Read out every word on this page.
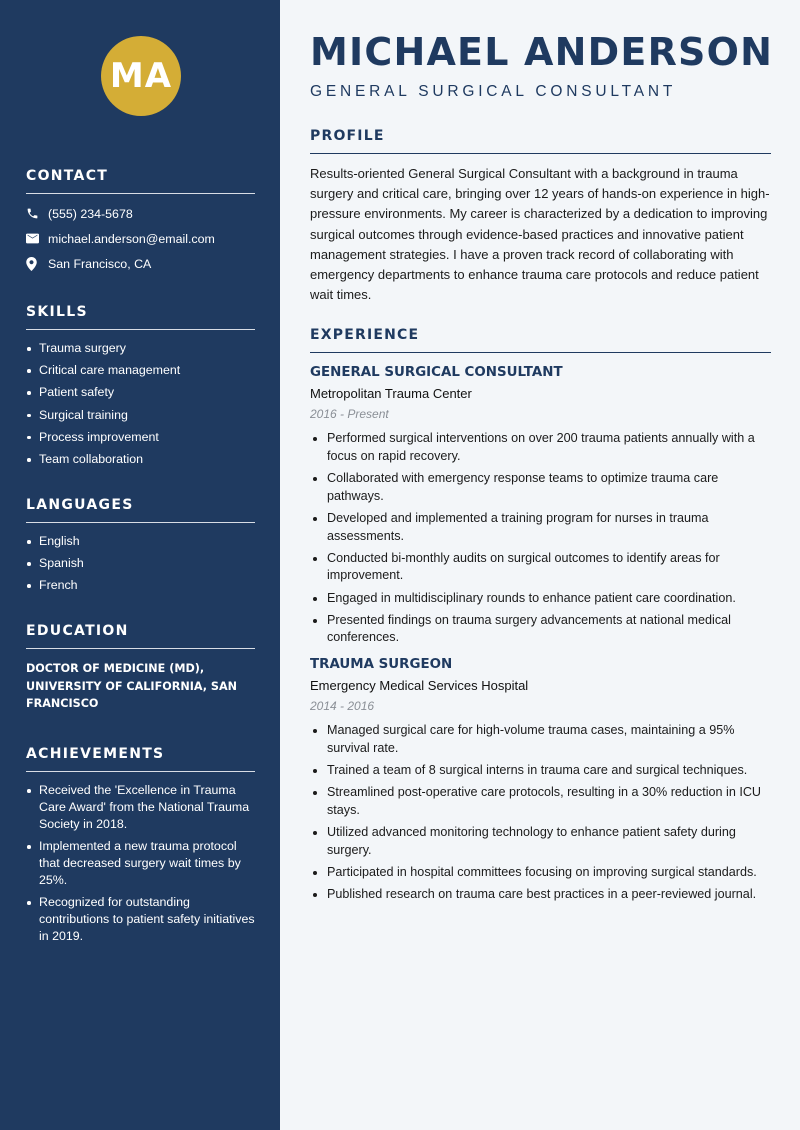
MA
CONTACT
(555) 234-5678
michael.anderson@email.com
San Francisco, CA
SKILLS
Trauma surgery
Critical care management
Patient safety
Surgical training
Process improvement
Team collaboration
LANGUAGES
English
Spanish
French
EDUCATION
DOCTOR OF MEDICINE (MD), UNIVERSITY OF CALIFORNIA, SAN FRANCISCO
ACHIEVEMENTS
Received the 'Excellence in Trauma Care Award' from the National Trauma Society in 2018.
Implemented a new trauma protocol that decreased surgery wait times by 25%.
Recognized for outstanding contributions to patient safety initiatives in 2019.
MICHAEL ANDERSON
GENERAL SURGICAL CONSULTANT
PROFILE

Results-oriented General Surgical Consultant with a background in trauma surgery and critical care, bringing over 12 years of hands-on experience in high-pressure environments. My career is characterized by a dedication to improving surgical outcomes through evidence-based practices and innovative patient management strategies. I have a proven track record of collaborating with emergency departments to enhance trauma care protocols and reduce patient wait times.

EXPERIENCE
GENERAL SURGICAL CONSULTANT
Metropolitan Trauma Center
2016 - Present
Performed surgical interventions on over 200 trauma patients annually with a focus on rapid recovery.
Collaborated with emergency response teams to optimize trauma care pathways.
Developed and implemented a training program for nurses in trauma assessments.
Conducted bi-monthly audits on surgical outcomes to identify areas for improvement.
Engaged in multidisciplinary rounds to enhance patient care coordination.
Presented findings on trauma surgery advancements at national medical conferences.
TRAUMA SURGEON
Emergency Medical Services Hospital
2014 - 2016
Managed surgical care for high-volume trauma cases, maintaining a 95% survival rate.
Trained a team of 8 surgical interns in trauma care and surgical techniques.
Streamlined post-operative care protocols, resulting in a 30% reduction in ICU stays.
Utilized advanced monitoring technology to enhance patient safety during surgery.
Participated in hospital committees focusing on improving surgical standards.
Published research on trauma care best practices in a peer-reviewed journal.
